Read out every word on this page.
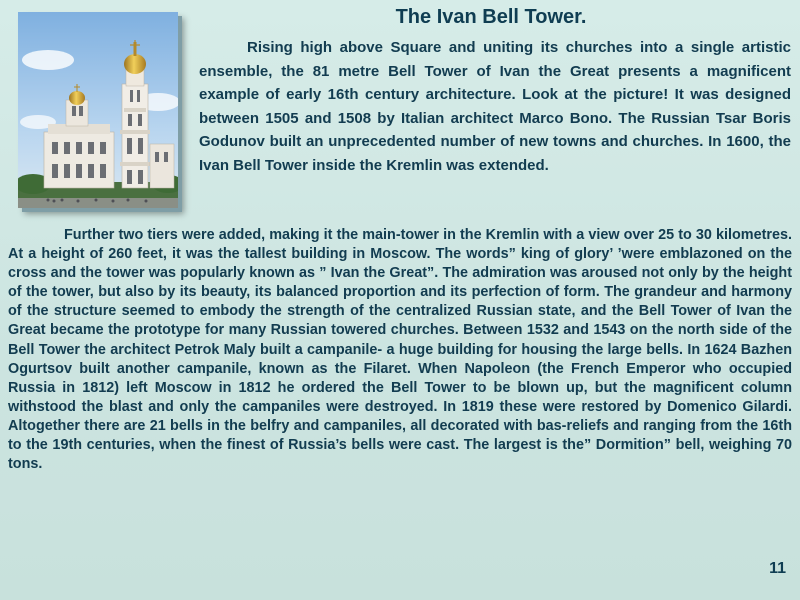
The Ivan Bell Tower.

Rising high above Square and uniting its churches into a single artistic ensemble, the 81 metre Bell Tower of Ivan the Great presents a magnificent example of early 16th century architecture. Look at the picture! It was designed between 1505 and 1508 by Italian architect Marco Bono. The Russian Tsar Boris Godunov built an unprecedented number of new towns and churches. In 1600, the Ivan Bell Tower inside the Kremlin was extended.

Further two tiers were added, making it the main-tower in the Kremlin with a view over 25 to 30 kilometres. At a height of 260 feet, it was the tallest building in Moscow. The words” king of glory’ ’were emblazoned on the cross and the tower was popularly known as ” Ivan the Great”. The admiration was aroused not only by the height of the tower, but also by its beauty, its balanced proportion and its perfection of form. The grandeur and harmony of the structure seemed to embody the strength of the centralized Russian state, and the Bell Tower of Ivan the Great became the prototype for many Russian towered churches. Between 1532 and 1543 on the north side of the Bell Tower the architect Petrok Maly built a campanile- a huge building for housing the large bells. In 1624 Bazhen Ogurtsov built another campanile, known as the Filaret. When Napoleon (the French Emperor who occupied Russia in 1812) left Moscow in 1812 he ordered the Bell Tower to be blown up, but the magnificent column withstood the blast and only the campaniles were destroyed. In 1819 these were restored by Domenico Gilardi. Altogether there are 21 bells in the belfry and campaniles, all decorated with bas-reliefs and ranging from the 16th to the 19th centuries, when the finest of Russia’s bells were cast. The largest is the” Dormition” bell, weighing 70 tons.

11
